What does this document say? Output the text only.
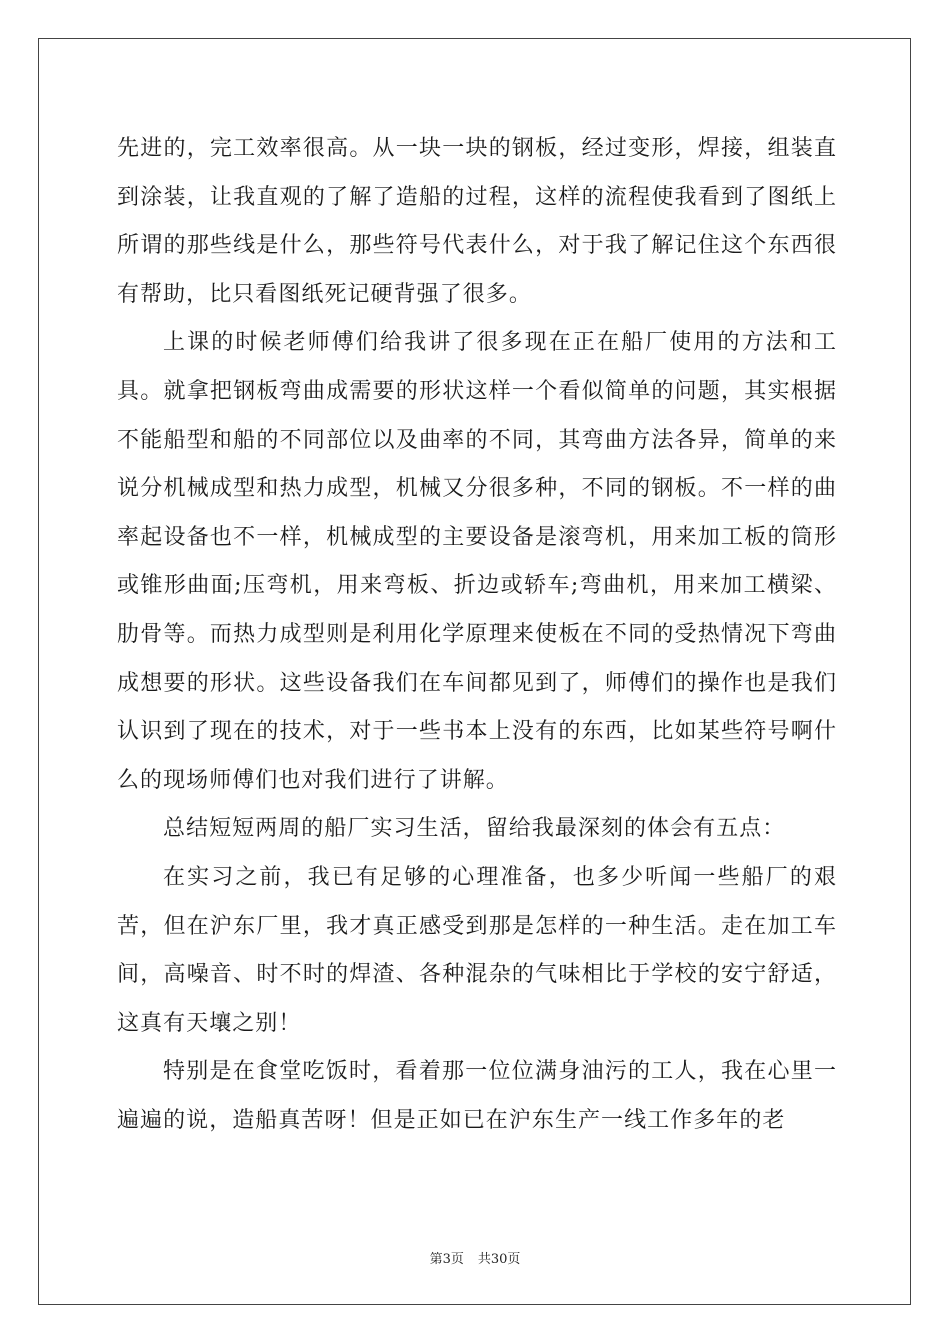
先进的，完工效率很高。从一块一块的钢板，经过变形，焊接，组装直到涂装，让我直观的了解了造船的过程，这样的流程使我看到了图纸上所谓的那些线是什么，那些符号代表什么，对于我了解记住这个东西很有帮助，比只看图纸死记硬背强了很多。

上课的时候老师傅们给我讲了很多现在正在船厂使用的方法和工具。就拿把钢板弯曲成需要的形状这样一个看似简单的问题，其实根据不能船型和船的不同部位以及曲率的不同，其弯曲方法各异，简单的来说分机械成型和热力成型，机械又分很多种，不同的钢板。不一样的曲率起设备也不一样，机械成型的主要设备是滚弯机，用来加工板的筒形或锥形曲面;压弯机，用来弯板、折边或轿车;弯曲机，用来加工横梁、肋骨等。而热力成型则是利用化学原理来使板在不同的受热情况下弯曲成想要的形状。这些设备我们在车间都见到了，师傅们的操作也是我们认识到了现在的技术，对于一些书本上没有的东西，比如某些符号啊什么的现场师傅们也对我们进行了讲解。

总结短短两周的船厂实习生活，留给我最深刻的体会有五点：

在实习之前，我已有足够的心理准备，也多少听闻一些船厂的艰苦，但在沪东厂里，我才真正感受到那是怎样的一种生活。走在加工车间，高噪音、时不时的焊渣、各种混杂的气味相比于学校的安宁舒适，这真有天壤之别！

特别是在食堂吃饭时，看着那一位位满身油污的工人，我在心里一遍遍的说，造船真苦呀！但是正如已在沪东生产一线工作多年的老

第3页 共30页
